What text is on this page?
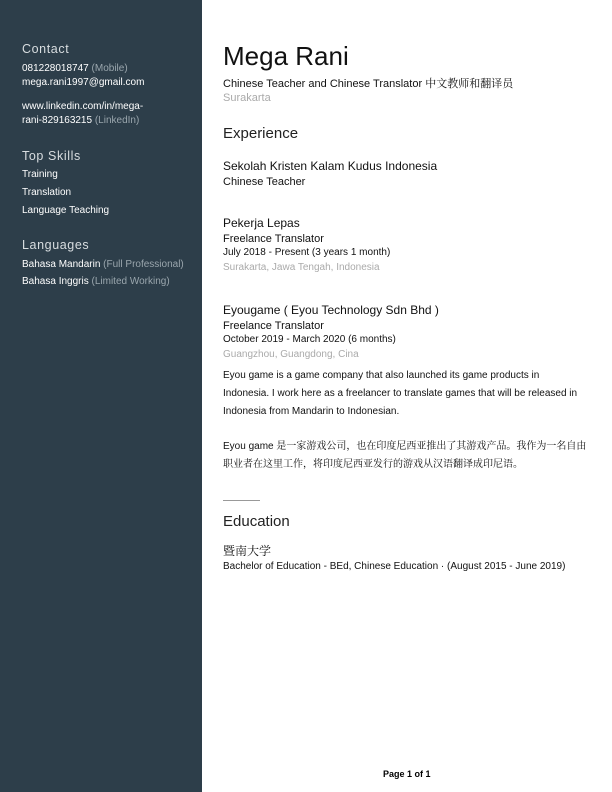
Contact
081228018747 (Mobile)
mega.rani1997@gmail.com
www.linkedin.com/in/mega-
rani-829163215 (LinkedIn)
Top Skills
Training
Translation
Language Teaching
Languages
Bahasa Mandarin (Full Professional)
Bahasa Inggris (Limited Working)
Mega Rani
Chinese Teacher and Chinese Translator 中文教师和翻译员
Surakarta
Experience
Sekolah Kristen Kalam Kudus Indonesia
Chinese Teacher
Pekerja Lepas
Freelance Translator
July 2018 - Present (3 years 1 month)
Surakarta, Jawa Tengah, Indonesia
Eyougame ( Eyou Technology Sdn Bhd )
Freelance Translator
October 2019 - March 2020 (6 months)
Guangzhou, Guangdong, Cina
Eyou game is a game company that also launched its game products in Indonesia. I work here as a freelancer to translate games that will be released in Indonesia from Mandarin to Indonesian.
Eyou game 是一家游戏公司，也在印度尼西亚推出了其游戏产品。我作为一名自由职业者在这里工作，将印度尼西亚发行的游戏从汉语翻译成印尼语。
Education
暨南大学
Bachelor of Education - BEd, Chinese Education · (August 2015 - June 2019)
Page 1 of 1
